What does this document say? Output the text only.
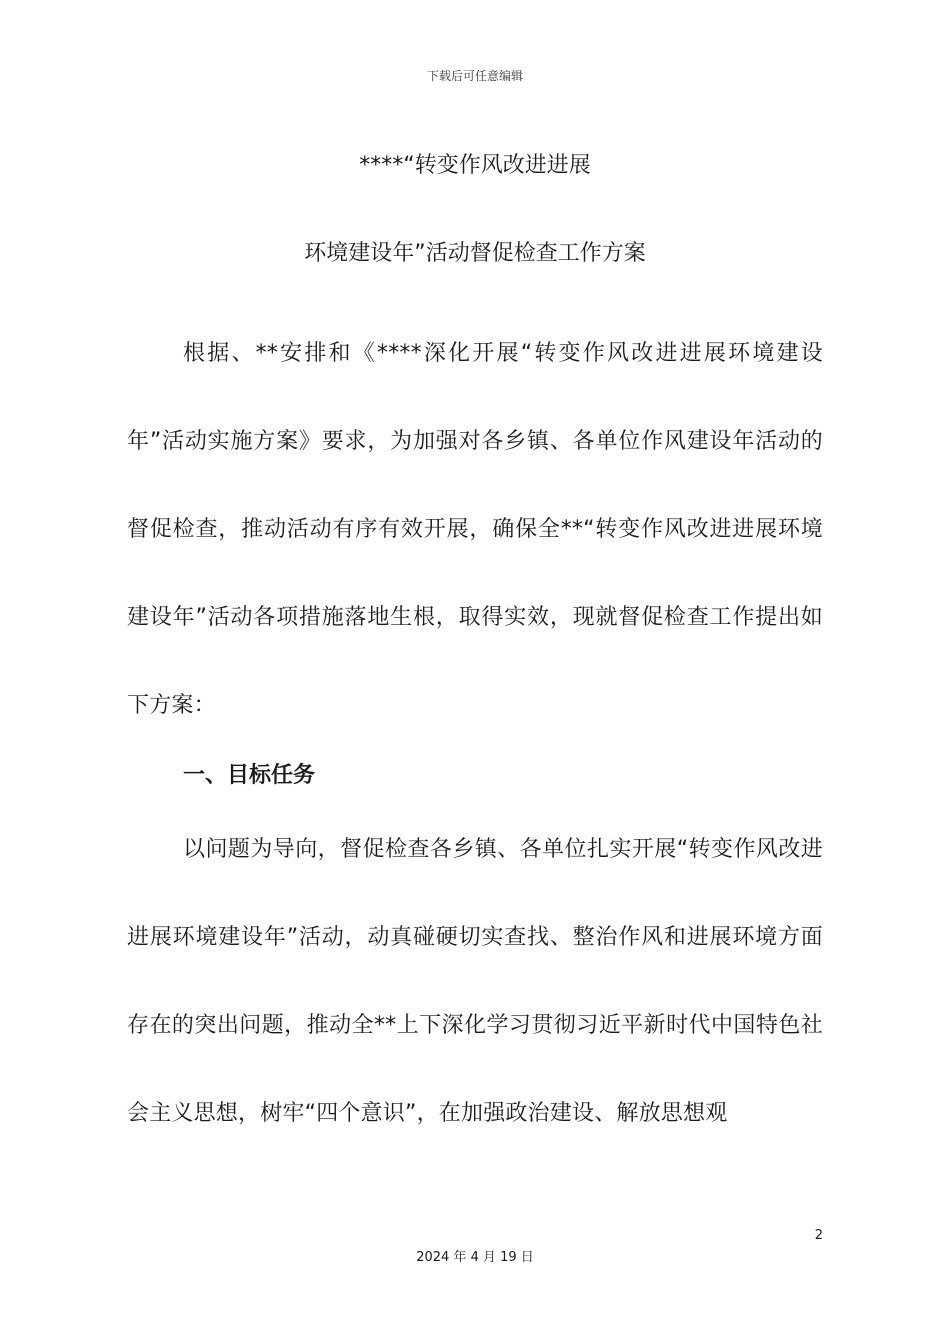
下载后可任意编辑
****“转变作风改进进展
环境建设年”活动督促检查工作方案
根据、**安排和《****深化开展“转变作风改进进展环境建设年”活动实施方案》要求，为加强对各乡镇、各单位作风建设年活动的督促检查，推动活动有序有效开展，确保全**“转变作风改进进展环境建设年”活动各项措施落地生根，取得实效，现就督促检查工作提出如下方案：
一、目标任务
以问题为导向，督促检查各乡镇、各单位扎实开展“转变作风改进进展环境建设年”活动，动真碰硬切实查找、整治作风和进展环境方面存在的突出问题，推动全**上下深化学习贯彻习近平新时代中国特色社会主义思想，树牢“四个意识”，在加强政治建设、解放思想观
2
2024 年 4 月 19 日
